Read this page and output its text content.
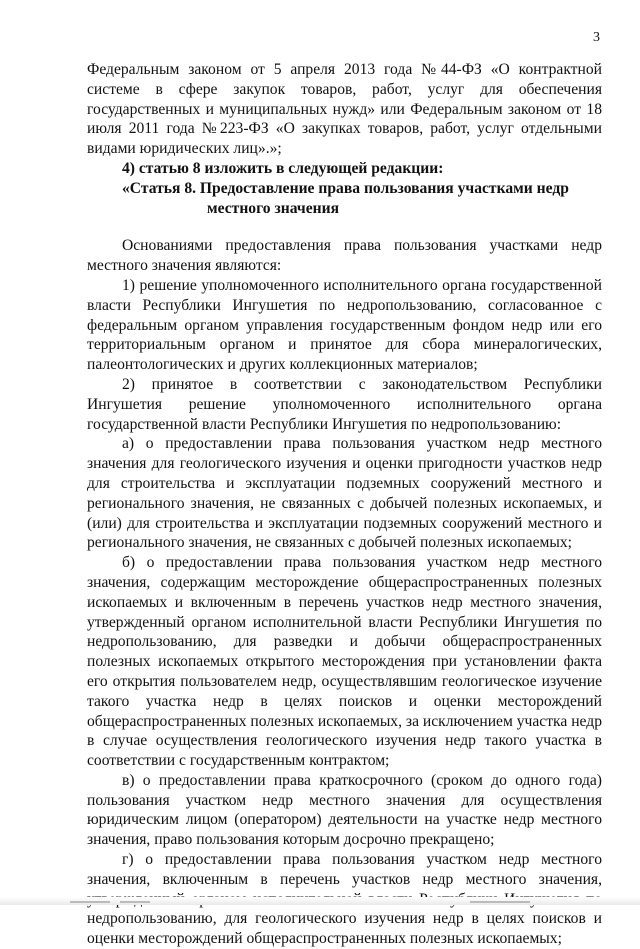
3

Федеральным законом от 5 апреля 2013 года №44-ФЗ «О контрактной системе в сфере закупок товаров, работ, услуг для обеспечения государственных и муниципальных нужд» или Федеральным законом от 18 июля 2011 года №223-ФЗ «О закупках товаров, работ, услуг отдельными видами юридических лиц».»;

4) статью 8 изложить в следующей редакции:

«Статья 8. Предоставление права пользования участками недр
местного значения

Основаниями предоставления права пользования участками недр местного значения являются:

1) решение уполномоченного исполнительного органа государственной власти Республики Ингушетия по недропользованию, согласованное с федеральным органом управления государственным фондом недр или его территориальным органом и принятое для сбора минералогических, палеонтологических и других коллекционных материалов;

2) принятое в соответствии с законодательством Республики Ингушетия решение уполномоченного исполнительного органа государственной власти Республики Ингушетия по недропользованию:

а) о предоставлении права пользования участком недр местного значения для геологического изучения и оценки пригодности участков недр для строительства и эксплуатации подземных сооружений местного и регионального значения, не связанных с добычей полезных ископаемых, и (или) для строительства и эксплуатации подземных сооружений местного и регионального значения, не связанных с добычей полезных ископаемых;

б) о предоставлении права пользования участком недр местного значения, содержащим месторождение общераспространенных полезных ископаемых и включенным в перечень участков недр местного значения, утвержденный органом исполнительной власти Республики Ингушетия по недропользованию, для разведки и добычи общераспространенных полезных ископаемых открытого месторождения при установлении факта его открытия пользователем недр, осуществлявшим геологическое изучение такого участка недр в целях поисков и оценки месторождений общераспространенных полезных ископаемых, за исключением участка недр в случае осуществления геологического изучения недр такого участка в соответствии с государственным контрактом;

в) о предоставлении права краткосрочного (сроком до одного года) пользования участком недр местного значения для осуществления юридическим лицом (оператором) деятельности на участке недр местного значения, право пользования которым досрочно прекращено;

г) о предоставлении права пользования участком недр местного значения, включенным в перечень участков недр местного значения, недропользованию, для геологического изучения недр в целях поисков и оценки месторождений общераспространенных полезных ископаемых;
